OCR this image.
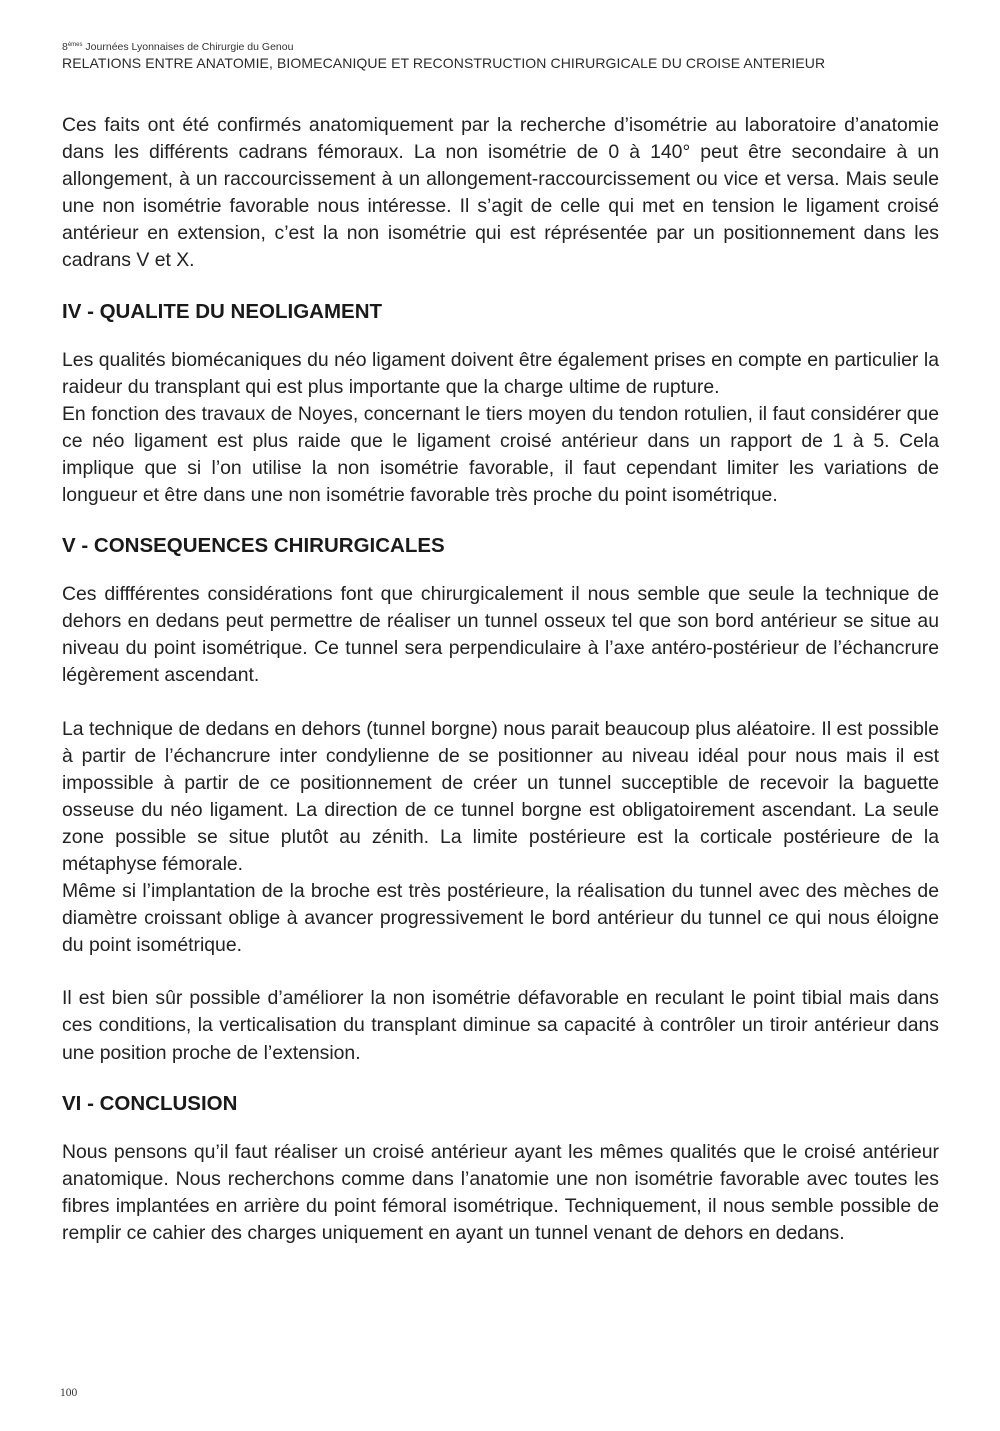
8èmes Journées Lyonnaises de Chirurgie du Genou
RELATIONS ENTRE ANATOMIE, BIOMECANIQUE ET RECONSTRUCTION CHIRURGICALE DU CROISE ANTERIEUR

Ces faits ont été confirmés anatomiquement par la recherche d’isométrie au laboratoire d’anatomie dans les différents cadrans fémoraux. La non isométrie de 0 à 140° peut être secondaire à un allongement, à un raccourcissement à un allongement-raccourcissement ou vice et versa. Mais seule une non isométrie favorable nous intéresse. Il s’agit de celle qui met en tension le ligament croisé antérieur en extension, c’est la non isométrie qui est réprésentée par un positionnement dans les cadrans V et X.

IV - QUALITE DU NEOLIGAMENT

Les qualités biomécaniques du néo ligament doivent être également prises en compte en particulier la raideur du transplant qui est plus importante que la charge ultime de rupture.

En fonction des travaux de Noyes, concernant le tiers moyen du tendon rotulien, il faut considérer que ce néo ligament est plus raide que le ligament croisé antérieur dans un rapport de 1 à 5. Cela implique que si l’on utilise la non isométrie favorable, il faut cependant limiter les variations de longueur et être dans une non isométrie favorable très proche du point isométrique.

V - CONSEQUENCES CHIRURGICALES

Ces diffférentes considérations font que chirurgicalement il nous semble que seule la technique de dehors en dedans peut permettre de réaliser un tunnel osseux tel que son bord antérieur se situe au niveau du point isométrique. Ce tunnel sera perpendiculaire à l’axe antéro-postérieur de l’échancrure légèrement ascendant.

La technique de dedans en dehors (tunnel borgne) nous parait beaucoup plus aléatoire. Il est possible à partir de l’échancrure inter condylienne de se positionner au niveau idéal pour nous mais il est impossible à partir de ce positionnement de créer un tunnel succeptible de recevoir la baguette osseuse du néo ligament. La direction de ce tunnel borgne est obligatoirement ascendant. La seule zone possible se situe plutôt au zénith. La limite postérieure est la corticale postérieure de la métaphyse fémorale.

Même si l’implantation de la broche est très postérieure, la réalisation du tunnel avec des mèches de diamètre croissant oblige à avancer progressivement le bord antérieur du tunnel ce qui nous éloigne du point isométrique.

Il est bien sûr possible d’améliorer la non isométrie défavorable en reculant le point tibial mais dans ces conditions, la verticalisation du transplant diminue sa capacité à contrôler un tiroir antérieur dans une position proche de l’extension.

VI - CONCLUSION

Nous pensons qu’il faut réaliser un croisé antérieur ayant les mêmes qualités que le croisé antérieur anatomique. Nous recherchons comme dans l’anatomie une non isométrie favorable avec toutes les fibres implantées en arrière du point fémoral isométrique. Techniquement, il nous semble possible de remplir ce cahier des charges uniquement en ayant un tunnel venant de dehors en dedans.

100
